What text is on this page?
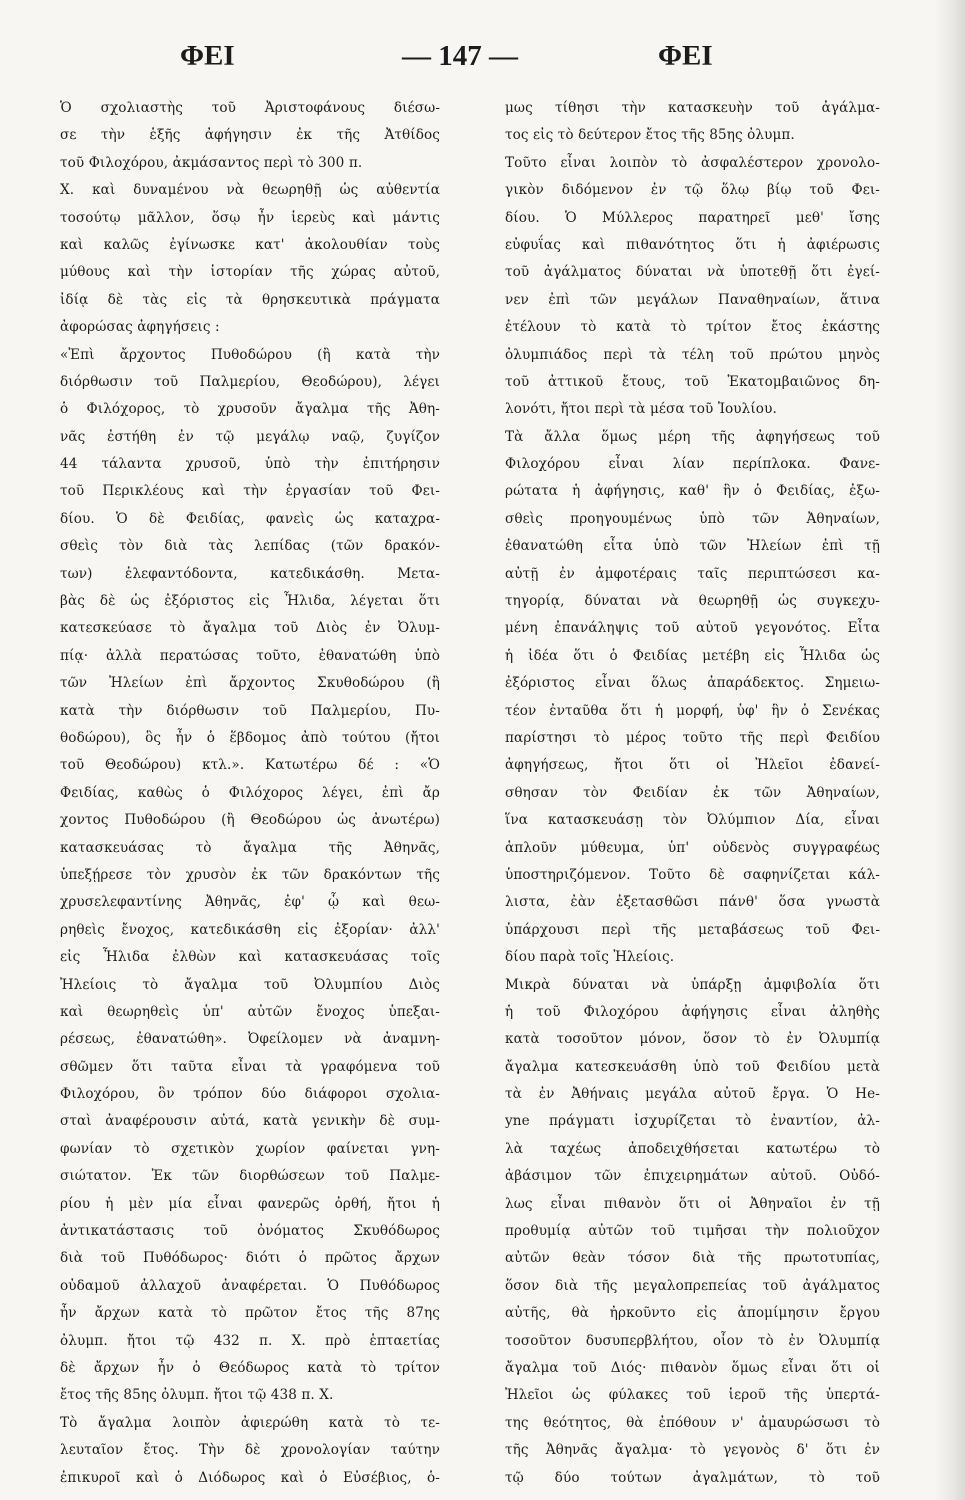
ΦΕΙ	— 147 —	ΦΕΙ
Ὁ σχολιαστὴς τοῦ Ἀριστοφάνους διέσω-
σε τὴν ἑξῆς ἀφήγησιν ἐκ τῆς Ἀτθίδος
τοῦ Φιλοχόρου, ἀκμάσαντος περὶ τὸ 300 π.
Χ. καὶ δυναμένου νὰ θεωρηθῇ ὡς αὐθεντία
τοσούτῳ μᾶλλον, ὅσῳ ἦν ἱερεὺς καὶ μάντις
καὶ καλῶς ἐγίνωσκε κατ' ἀκολουθίαν τοὺς
μύθους καὶ τὴν ἱστορίαν τῆς χώρας αὐτοῦ,
ἰδίᾳ δὲ τὰς εἰς τὰ θρησκευτικὰ πράγματα
ἀφορώσας ἀφηγήσεις :
«Ἐπὶ ἄρχοντος Πυθοδώρου (ἢ κατὰ τὴν
διόρθωσιν τοῦ Παλμερίου, Θεοδώρου), λέγει
ὁ Φιλόχορος, τὸ χρυσοῦν ἄγαλμα τῆς Ἀθη-
νᾶς ἐστήθη ἐν τῷ μεγάλῳ ναῷ, ζυγίζον
44 τάλαντα χρυσοῦ, ὑπὸ τὴν ἐπιτήρησιν
τοῦ Περικλέους καὶ τὴν ἐργασίαν τοῦ Φει-
δίου. Ὁ δὲ Φειδίας, φανεὶς ὡς καταχρα-
σθεὶς τὸν διὰ τὰς λεπίδας (τῶν δρακόν-
των) ἐλεφαντόδοντα, κατεδικάσθη. Μετα-
βὰς δὲ ὡς ἐξόριστος εἰς Ἦλιδα, λέγεται ὅτι
κατεσκεύασε τὸ ἄγαλμα τοῦ Διὸς ἐν Ὀλυμ-
πίᾳ· ἀλλὰ περατώσας τοῦτο, ἐθανατώθη ὑπὸ
τῶν Ἠλείων ἐπὶ ἄρχοντος Σκυθοδώρου (ἢ
κατὰ τὴν διόρθωσιν τοῦ Παλμερίου, Πυ-
θοδώρου), ὃς ἦν ὁ ἕβδομος ἀπὸ τούτου (ἤτοι
τοῦ Θεοδώρου) κτλ.». Κατωτέρω δέ : «Ὁ
Φειδίας, καθὼς ὁ Φιλόχορος λέγει, ἐπὶ ἄρ
χοντος Πυθοδώρου (ἢ Θεοδώρου ὡς ἀνωτέρω)
κατασκευάσας τὸ ἄγαλμα τῆς Ἀθηνᾶς,
ὑπεξῄρεσε τὸν χρυσὸν ἐκ τῶν δρακόντων τῆς
χρυσελεφαντίνης Ἀθηνᾶς, ἐφ' ᾧ καὶ θεω-
ρηθεὶς ἔνοχος, κατεδικάσθη εἰς ἐξορίαν· ἀλλ'
εἰς Ἦλιδα ἐλθὼν καὶ κατασκευάσας τοῖς
Ἠλείοις τὸ ἄγαλμα τοῦ Ὀλυμπίου Διὸς
καὶ θεωρηθεὶς ὑπ' αὐτῶν ἔνοχος ὑπεξαι-
ρέσεως, ἐθανατώθη». Ὀφείλομεν νὰ ἀναμνη-
σθῶμεν ὅτι ταῦτα εἶναι τὰ γραφόμενα τοῦ
Φιλοχόρου, ὃν τρόπον δύο διάφοροι σχολια-
σταὶ ἀναφέρουσιν αὐτά, κατὰ γενικὴν δὲ συμ-
φωνίαν τὸ σχετικὸν χωρίον φαίνεται γνη-
σιώτατον. Ἐκ τῶν διορθώσεων τοῦ Παλμε-
ρίου ἡ μὲν μία εἶναι φανερῶς ὀρθή, ἤτοι ἡ
ἀντικατάστασις τοῦ ὀνόματος Σκυθόδωρος
διὰ τοῦ Πυθόδωρος· διότι ὁ πρῶτος ἄρχων
οὐδαμοῦ ἀλλαχοῦ ἀναφέρεται. Ὁ Πυθόδωρος
ἦν ἄρχων κατὰ τὸ πρῶτον ἔτος τῆς 87ης
ὀλυμπ. ἤτοι τῷ 432 π. Χ. πρὸ ἑπταετίας
δὲ ἄρχων ἦν ὁ Θεόδωρος κατὰ τὸ τρίτον
ἔτος τῆς 85ης ὀλυμπ. ἤτοι τῷ 438 π. Χ.
Τὸ ἄγαλμα λοιπὸν ἀφιερώθη κατὰ τὸ τε-
λευταῖον ἔτος. Τὴν δὲ χρονολογίαν ταύτην
ἐπικυροῖ καὶ ὁ Διόδωρος καὶ ὁ Εὐσέβιος, ὁ-
μως τίθησι τὴν κατασκευὴν τοῦ ἀγάλμα-
τος εἰς τὸ δεύτερον ἔτος τῆς 85ης ὀλυμπ.
Τοῦτο εἶναι λοιπὸν τὸ ἀσφαλέστερον χρονολο-
γικὸν διδόμενον ἐν τῷ ὅλῳ βίῳ τοῦ Φει-
δίου. Ὁ Μύλλερος παρατηρεῖ μεθ' ἴσης
εὐφυΐας καὶ πιθανότητος ὅτι ἡ ἀφιέρωσις
τοῦ ἀγάλματος δύναται νὰ ὑποτεθῇ ὅτι ἐγεί-
νεν ἐπὶ τῶν μεγάλων Παναθηναίων, ἅτινα
ἐτέλουν τὸ κατὰ τὸ τρίτον ἔτος ἑκάστης
ὀλυμπιάδος περὶ τὰ τέλη τοῦ πρώτου μηνὸς
τοῦ ἀττικοῦ ἔτους, τοῦ Ἑκατομβαιῶνος δη-
λονότι, ἤτοι περὶ τὰ μέσα τοῦ Ἰουλίου.
Τὰ ἄλλα ὅμως μέρη τῆς ἀφηγήσεως τοῦ
Φιλοχόρου εἶναι λίαν περίπλοκα. Φανε-
ρώτατα ἡ ἀφήγησις, καθ' ἣν ὁ Φειδίας, ἐξω-
σθεὶς προηγουμένως ὑπὸ τῶν Ἀθηναίων,
ἐθανατώθη εἶτα ὑπὸ τῶν Ἠλείων ἐπὶ τῇ
αὐτῇ ἐν ἀμφοτέραις ταῖς περιπτώσεσι κα-
τηγορίᾳ, δύναται νὰ θεωρηθῇ ὡς συγκεχυ-
μένη ἐπανάληψις τοῦ αὐτοῦ γεγονότος. Εἶτα
ἡ ἰδέα ὅτι ὁ Φειδίας μετέβη εἰς Ἦλιδα ὡς
ἐξόριστος εἶναι ὅλως ἀπαράδεκτος. Σημειω-
τέον ἐνταῦθα ὅτι ἡ μορφή, ὑφ' ἣν ὁ Σενέκας
παρίστησι τὸ μέρος τοῦτο τῆς περὶ Φειδίου
ἀφηγήσεως, ἤτοι ὅτι οἱ Ἠλεῖοι ἐδανεί-
σθησαν τὸν Φειδίαν ἐκ τῶν Ἀθηναίων,
ἵνα κατασκευάσῃ τὸν Ὀλύμπιον Δία, εἶναι
ἁπλοῦν μύθευμα, ὑπ' οὐδενὸς συγγραφέως
ὑποστηριζόμενον. Τοῦτο δὲ σαφηνίζεται κάλ-
λιστα, ἐὰν ἐξετασθῶσι πάνθ' ὅσα γνωστὰ
ὑπάρχουσι περὶ τῆς μεταβάσεως τοῦ Φει-
δίου παρὰ τοῖς Ἠλείοις.
Μικρὰ δύναται νὰ ὑπάρξῃ ἀμφιβολία ὅτι
ἡ τοῦ Φιλοχόρου ἀφήγησις εἶναι ἀληθὴς
κατὰ τοσοῦτον μόνον, ὅσον τὸ ἐν Ὀλυμπίᾳ
ἄγαλμα κατεσκευάσθη ὑπὸ τοῦ Φειδίου μετὰ
τὰ ἐν Ἀθήναις μεγάλα αὐτοῦ ἔργα. Ὁ Ηe-
yne πράγματι ἰσχυρίζεται τὸ ἐναντίον, ἀλ-
λὰ ταχέως ἀποδειχθήσεται κατωτέρω τὸ
ἀβάσιμον τῶν ἐπιχειρημάτων αὐτοῦ. Οὐδό-
λως εἶναι πιθανὸν ὅτι οἱ Ἀθηναῖοι ἐν τῇ
προθυμίᾳ αὐτῶν τοῦ τιμῆσαι τὴν πολιοῦχον
αὐτῶν θεὰν τόσον διὰ τῆς πρωτοτυπίας,
ὅσον διὰ τῆς μεγαλοπρεπείας τοῦ ἀγάλματος
αὐτῆς, θὰ ἠρκοῦντο εἰς ἀπομίμησιν ἔργου
τοσοῦτον δυσυπερβλήτου, οἷον τὸ ἐν Ὀλυμπίᾳ
ἄγαλμα τοῦ Διός· πιθανὸν ὅμως εἶναι ὅτι οἱ
Ἠλεῖοι ὡς φύλακες τοῦ ἱεροῦ τῆς ὑπερτά-
της θεότητος, θὰ ἐπόθουν ν' ἀμαυρώσωσι τὸ
τῆς Ἀθηνᾶς ἄγαλμα· τὸ γεγονὸς δ' ὅτι ἐν
τῷ δύο τούτων ἀγαλμάτων, τὸ τοῦ
